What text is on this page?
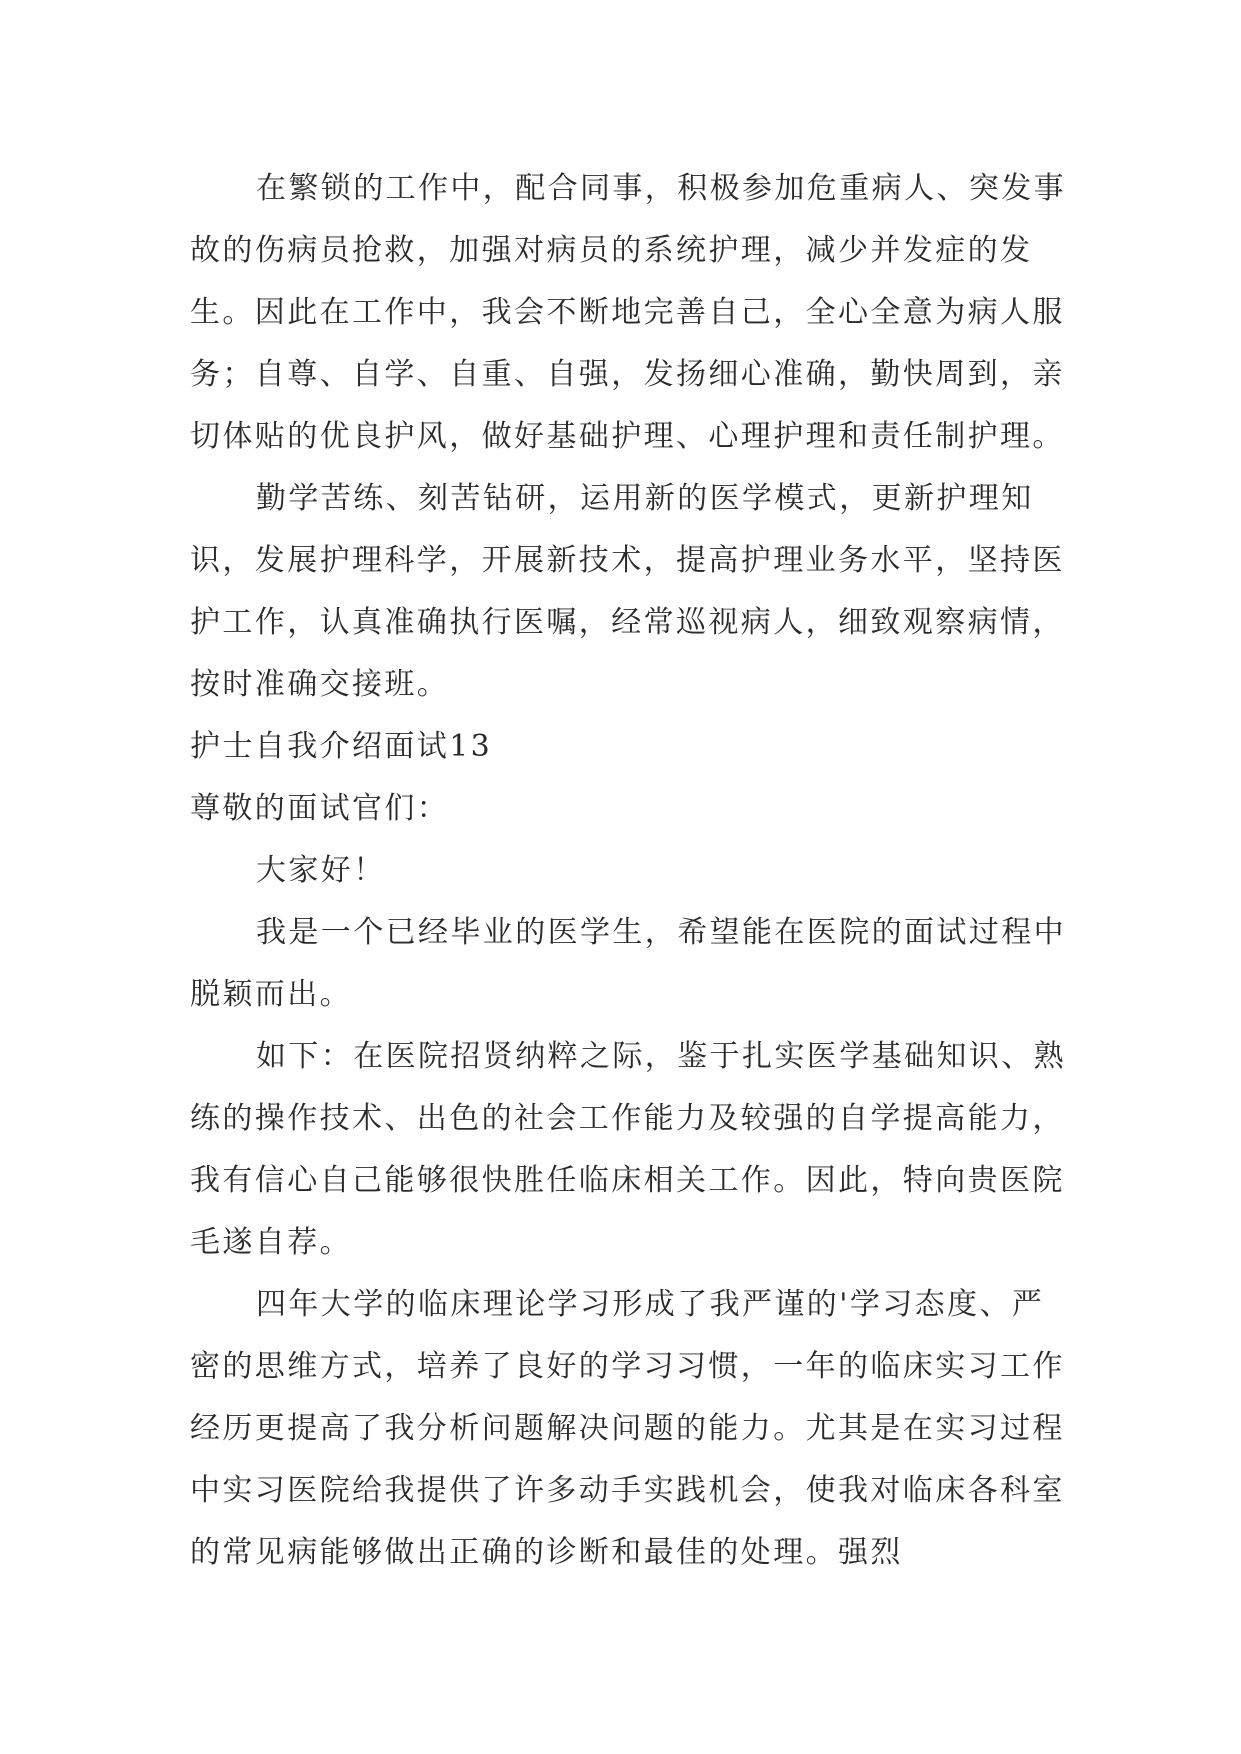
在繁锁的工作中，配合同事，积极参加危重病人、突发事故的伤病员抢救，加强对病员的系统护理，减少并发症的发生。因此在工作中，我会不断地完善自己，全心全意为病人服务；自尊、自学、自重、自强，发扬细心准确，勤快周到，亲切体贴的优良护风，做好基础护理、心理护理和责任制护理。

勤学苦练、刻苦钻研，运用新的医学模式，更新护理知识，发展护理科学，开展新技术，提高护理业务水平，坚持医护工作，认真准确执行医嘱，经常巡视病人，细致观察病情，按时准确交接班。

护士自我介绍面试13

尊敬的面试官们：

大家好！

我是一个已经毕业的医学生，希望能在医院的面试过程中脱颖而出。

如下：在医院招贤纳粹之际，鉴于扎实医学基础知识、熟练的操作技术、出色的社会工作能力及较强的自学提高能力，我有信心自己能够很快胜任临床相关工作。因此，特向贵医院毛遂自荐。

四年大学的临床理论学习形成了我严谨的'学习态度、严密的思维方式，培养了良好的学习习惯，一年的临床实习工作经历更提高了我分析问题解决问题的能力。尤其是在实习过程中实习医院给我提供了许多动手实践机会，使我对临床各科室的常见病能够做出正确的诊断和最佳的处理。强烈
